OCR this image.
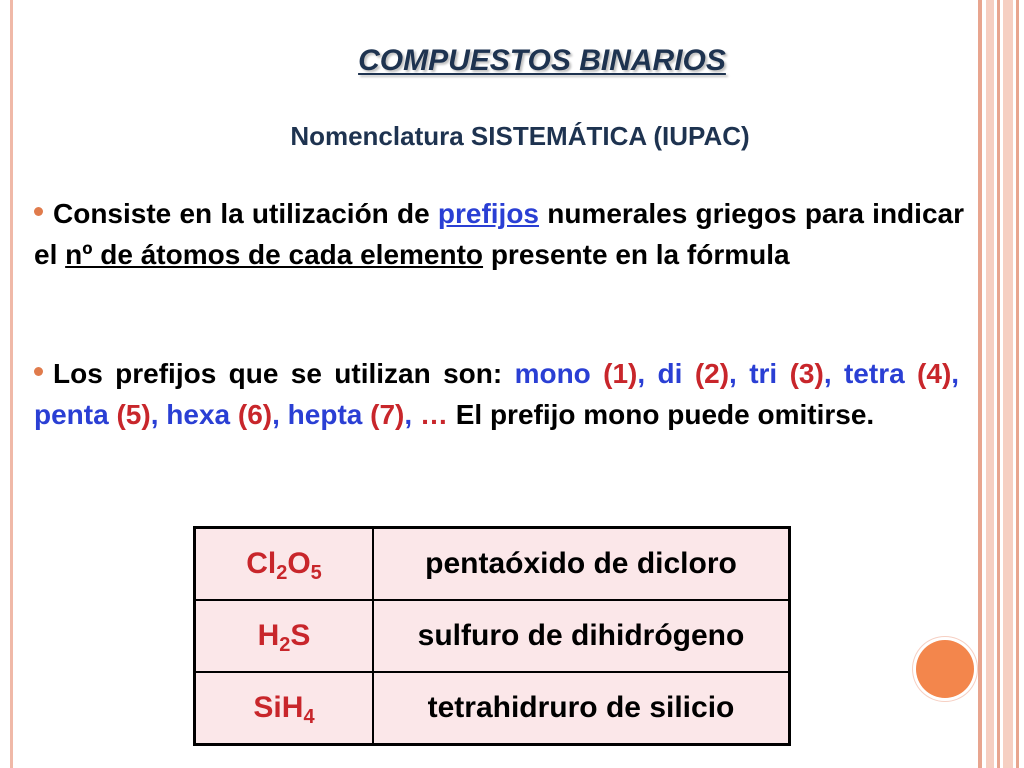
COMPUESTOS BINARIOS
Nomenclatura SISTEMÁTICA (IUPAC)
Consiste en la utilización de prefijos numerales griegos para indicar el nº de átomos de cada elemento presente en la fórmula
Los prefijos que se utilizan son: mono (1), di (2), tri (3), tetra (4), penta (5), hexa (6), hepta (7), … El prefijo mono puede omitirse.
$Cl_2O_5$	pentaóxido de dicloro
$H_2S$	sulfuro de dihidrógeno
SiH$_4$	tetrahidruro de silicio
